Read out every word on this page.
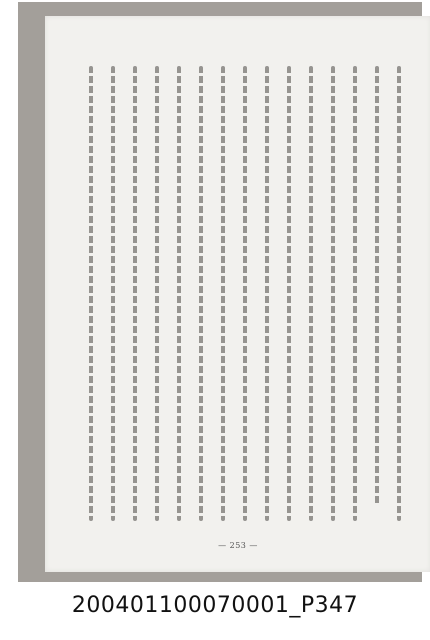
— 253 —
200401100070001_P347
